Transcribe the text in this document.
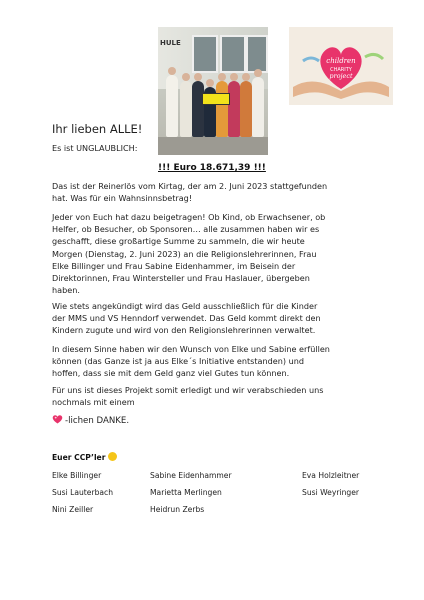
HULE
children
CHARITY
project
Ihr lieben ALLE!
Es ist UNGLAUBLICH:
!!! Euro 18.671,39 !!!
Das ist der Reinerlös vom Kirtag, der am 2. Juni 2023 stattgefunden
hat. Was für ein Wahnsinnsbetrag!
Jeder von Euch hat dazu beigetragen! Ob Kind, ob Erwachsener, ob
Helfer, ob Besucher, ob Sponsoren… alle zusammen haben wir es
geschafft, diese großartige Summe zu sammeln, die wir heute
Morgen (Dienstag, 2. Juni 2023) an die Religionslehrerinnen, Frau
Elke Billinger und Frau Sabine Eidenhammer, im Beisein der
Direktorinnen, Frau Wintersteller und Frau Haslauer, übergeben
haben.
Wie stets angekündigt wird das Geld ausschließlich für die Kinder
der MMS und VS Henndorf verwendet. Das Geld kommt direkt den
Kindern zugute und wird von den Religionslehrerinnen verwaltet.
In diesem Sinne haben wir den Wunsch von Elke und Sabine erfüllen
können (das Ganze ist ja aus Elke´s Initiative entstanden) und
hoffen, dass sie mit dem Geld ganz viel Gutes tun können.
Für uns ist dieses Projekt somit erledigt und wir verabschieden uns
nochmals mit einem
-lichen DANKE.
Euer CCP’ler
Elke Billinger	Sabine Eidenhammer	Eva Holzleitner
Susi Lauterbach	Marietta Merlingen	Susi Weyringer
Nini Zeiller	Heidrun Zerbs
